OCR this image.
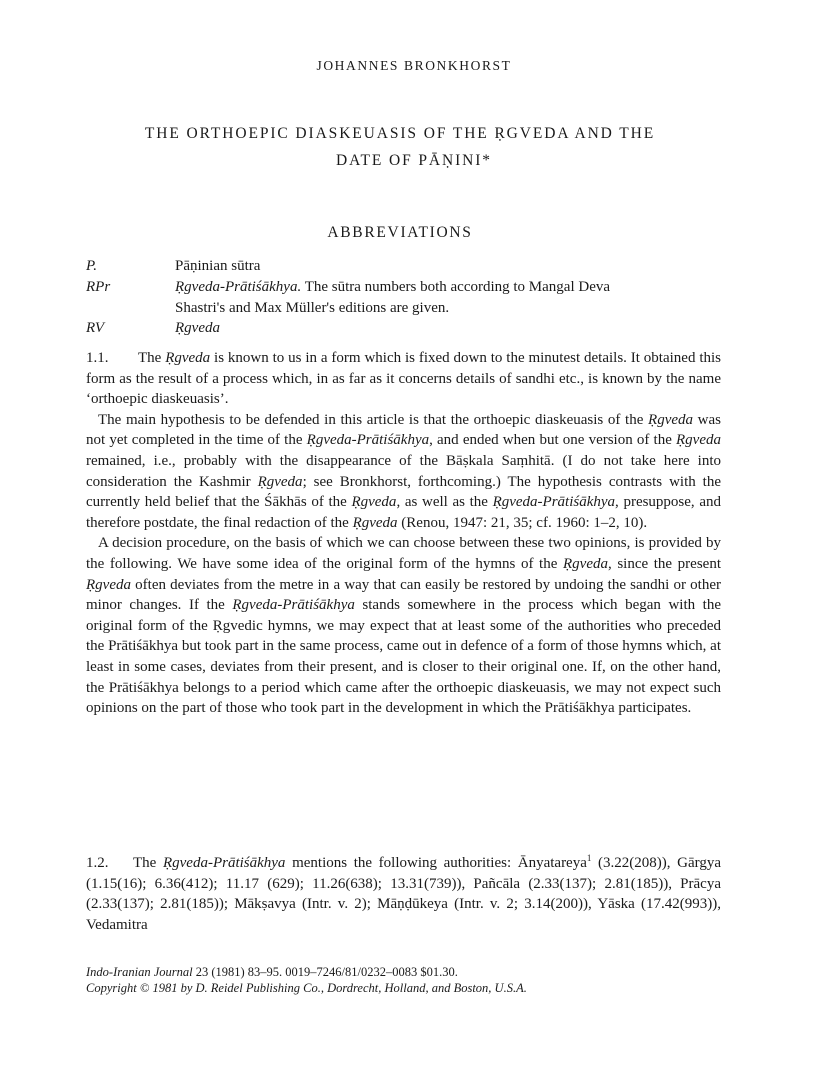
JOHANNES BRONKHORST
THE ORTHOEPIC DIASKEUASIS OF THE ṚGVEDA AND THE
DATE OF PĀṆINI*
ABBREVIATIONS
P.	Pāṇinian sūtra
RPr	Ṛgveda-Prātiśākhya. The sūtra numbers both according to Mangal Deva
Shastri's and Max Müller's editions are given.
RV	Ṛgveda

1.1. The Ṛgveda is known to us in a form which is fixed down to the minutest details. It obtained this form as the result of a process which, in as far as it concerns details of sandhi etc., is known by the name ‘orthoepic diaskeuasis’.

The main hypothesis to be defended in this article is that the orthoepic diaskeuasis of the Ṛgveda was not yet completed in the time of the Ṛgveda-Prātiśākhya, and ended when but one version of the Ṛgveda remained, i.e., probably with the disappearance of the Bāṣkala Saṃhitā. (I do not take here into consideration the Kashmir Ṛgveda; see Bronkhorst, forthcoming.) The hypothesis contrasts with the currently held belief that the Śākhās of the Ṛgveda, as well as the Ṛgveda-Prātiśākhya, presuppose, and therefore postdate, the final redaction of the Ṛgveda (Renou, 1947: 21, 35; cf. 1960: 1–2, 10).

A decision procedure, on the basis of which we can choose between these two opinions, is provided by the following. We have some idea of the original form of the hymns of the Ṛgveda, since the present Ṛgveda often deviates from the metre in a way that can easily be restored by undoing the sandhi or other minor changes. If the Ṛgveda-Prātiśākhya stands somewhere in the process which began with the original form of the Ṛgvedic hymns, we may expect that at least some of the authorities who preceded the Prātiśākhya but took part in the same process, came out in defence of a form of those hymns which, at least in some cases, deviates from their present, and is closer to their original one. If, on the other hand, the Prātiśākhya belongs to a period which came after the orthoepic diaskeuasis, we may not expect such opinions on the part of those who took part in the development in which the Prātiśākhya participates.

1.2. The Ṛgveda-Prātiśākhya mentions the following authorities: Ānyatareya$^1$ (3.22(208)), Gārgya (1.15(16); 6.36(412); 11.17 (629); 11.26(638); 13.31(739)), Pañcāla (2.33(137); 2.81(185)), Prācya (2.33(137); 2.81(185)); Mākṣavya (Intr. v. 2); Māṇḍūkeya (Intr. v. 2; 3.14(200)), Yāska (17.42(993)), Vedamitra

Indo-Iranian Journal 23 (1981) 83–95. 0019–7246/81/0232–0083 $01.30.
Copyright © 1981 by D. Reidel Publishing Co., Dordrecht, Holland, and Boston, U.S.A.
